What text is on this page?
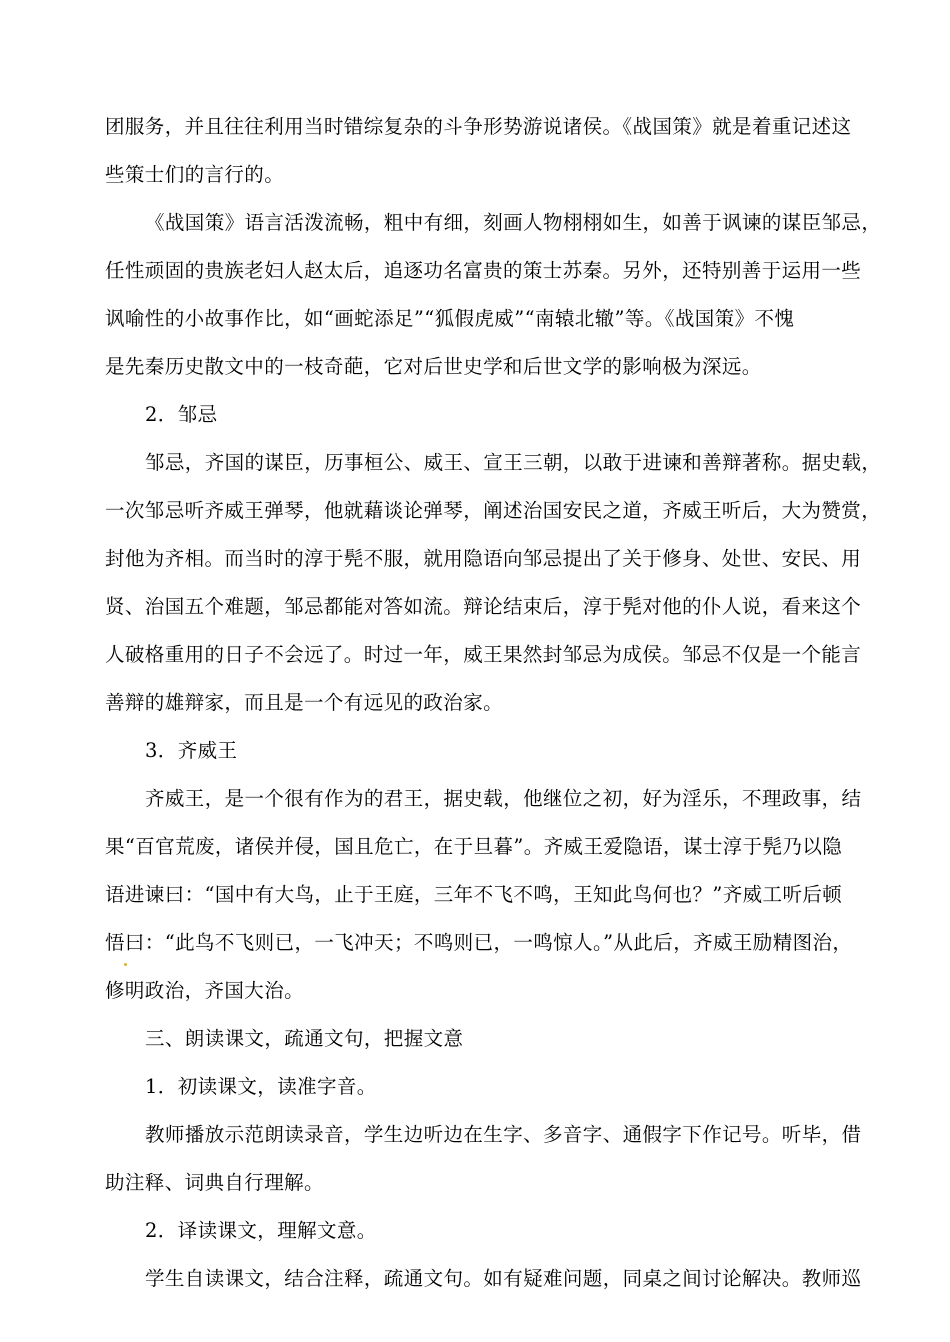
团服务，并且往往利用当时错综复杂的斗争形势游说诸侯。《战国策》就是着重记述这
些策士们的言行的。
《战国策》语言活泼流畅，粗中有细，刻画人物栩栩如生，如善于讽谏的谋臣邹忌，
任性顽固的贵族老妇人赵太后，追逐功名富贵的策士苏秦。另外，还特别善于运用一些
讽喻性的小故事作比，如“画蛇添足”“狐假虎威”“南辕北辙”等。《战国策》不愧
是先秦历史散文中的一枝奇葩，它对后世史学和后世文学的影响极为深远。
2．邹忌
邹忌，齐国的谋臣，历事桓公、威王、宣王三朝，以敢于进谏和善辩著称。据史载，
一次邹忌听齐威王弹琴，他就藉谈论弹琴，阐述治国安民之道，齐威王听后，大为赞赏，
封他为齐相。而当时的淳于髡不服，就用隐语向邹忌提出了关于修身、处世、安民、用
贤、治国五个难题，邹忌都能对答如流。辩论结束后，淳于髡对他的仆人说，看来这个
人破格重用的日子不会远了。时过一年，威王果然封邹忌为成侯。邹忌不仅是一个能言
善辩的雄辩家，而且是一个有远见的政治家。
3．齐威王
齐威王，是一个很有作为的君王，据史载，他继位之初，好为淫乐，不理政事，结
果“百官荒废，诸侯并侵，国且危亡，在于旦暮”。齐威王爱隐语，谋士淳于髡乃以隐
语进谏曰：“国中有大鸟，止于王庭，三年不飞不鸣，王知此鸟何也？”齐威工听后顿
悟曰：“此鸟不飞则已，一飞冲天；不鸣则已，一鸣惊人。”从此后，齐威王励精图治，
修明政治，齐国大治。
三、朗读课文，疏通文句，把握文意
1．初读课文，读准字音。
教师播放示范朗读录音，学生边听边在生字、多音字、通假字下作记号。听毕，借
助注释、词典自行理解。
2．译读课文，理解文意。
学生自读课文，结合注释，疏通文句。如有疑难问题，同桌之间讨论解决。教师巡
